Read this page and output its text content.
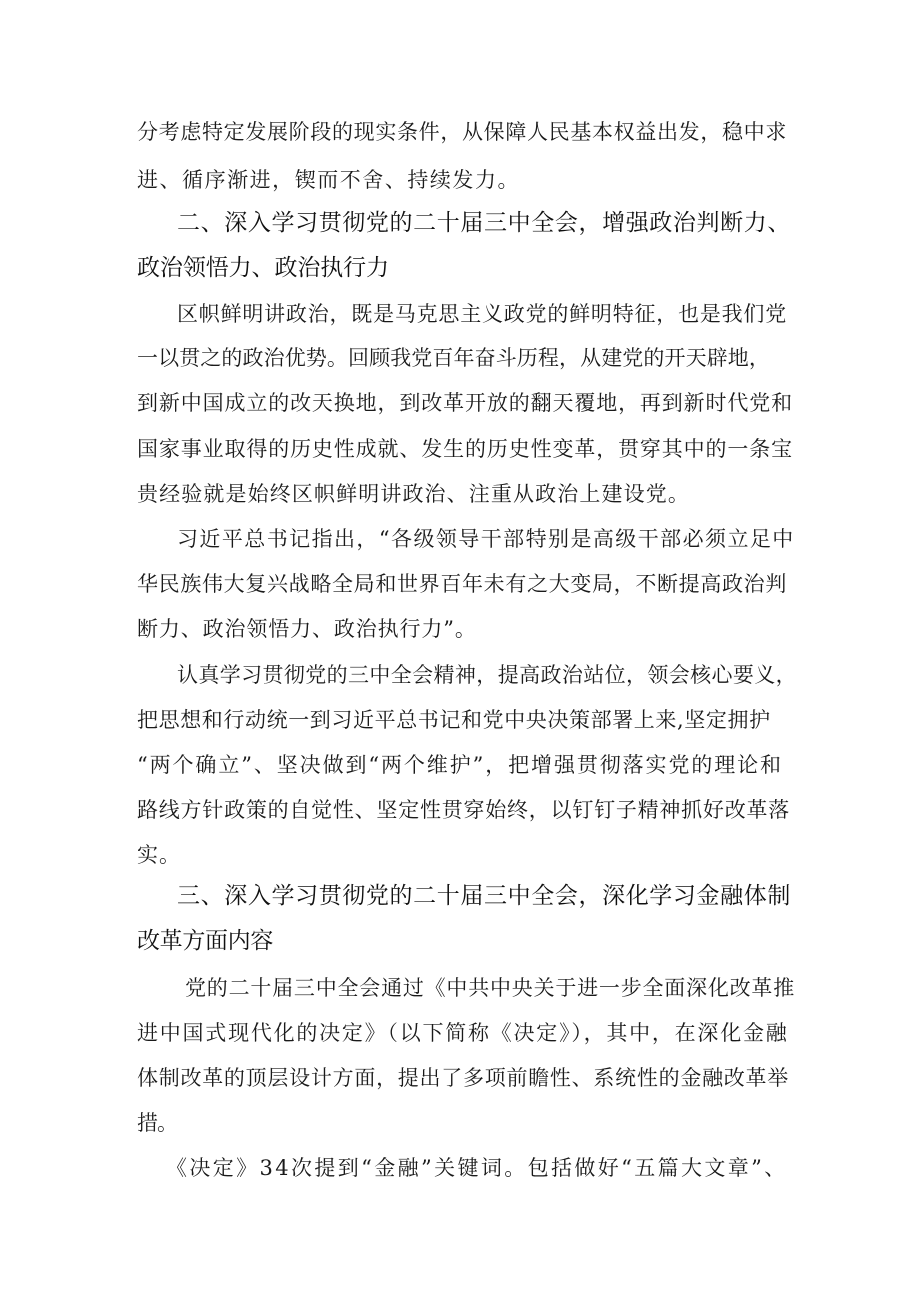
分考虑特定发展阶段的现实条件，从保障人民基本权益出发，稳中求
进、循序渐进，锲而不舍、持续发力。
二、深入学习贯彻党的二十届三中全会，增强政治判断力、
政治领悟力、政治执行力
区帜鲜明讲政治，既是马克思主义政党的鲜明特征，也是我们党
一以贯之的政治优势。回顾我党百年奋斗历程，从建党的开天辟地，
到新中国成立的改天换地，到改革开放的翻天覆地，再到新时代党和
国家事业取得的历史性成就、发生的历史性变革，贯穿其中的一条宝
贵经验就是始终区帜鲜明讲政治、注重从政治上建设党。
习近平总书记指出，“各级领导干部特别是高级干部必须立足中
华民族伟大复兴战略全局和世界百年未有之大变局，不断提高政治判
断力、政治领悟力、政治执行力”。
认真学习贯彻党的三中全会精神，提高政治站位，领会核心要义，
把思想和行动统一到习近平总书记和党中央决策部署上来,坚定拥护
“两个确立”、坚决做到“两个维护”，把增强贯彻落实党的理论和
路线方针政策的自觉性、坚定性贯穿始终，以钉钉子精神抓好改革落
实。
三、深入学习贯彻党的二十届三中全会，深化学习金融体制
改革方面内容
党的二十届三中全会通过《中共中央关于进一步全面深化改革推
进中国式现代化的决定》（以下简称《决定》），其中，在深化金融
体制改革的顶层设计方面，提出了多项前瞻性、系统性的金融改革举
措。
《决定》34次提到“金融”关键词。包括做好“五篇大文章”、
